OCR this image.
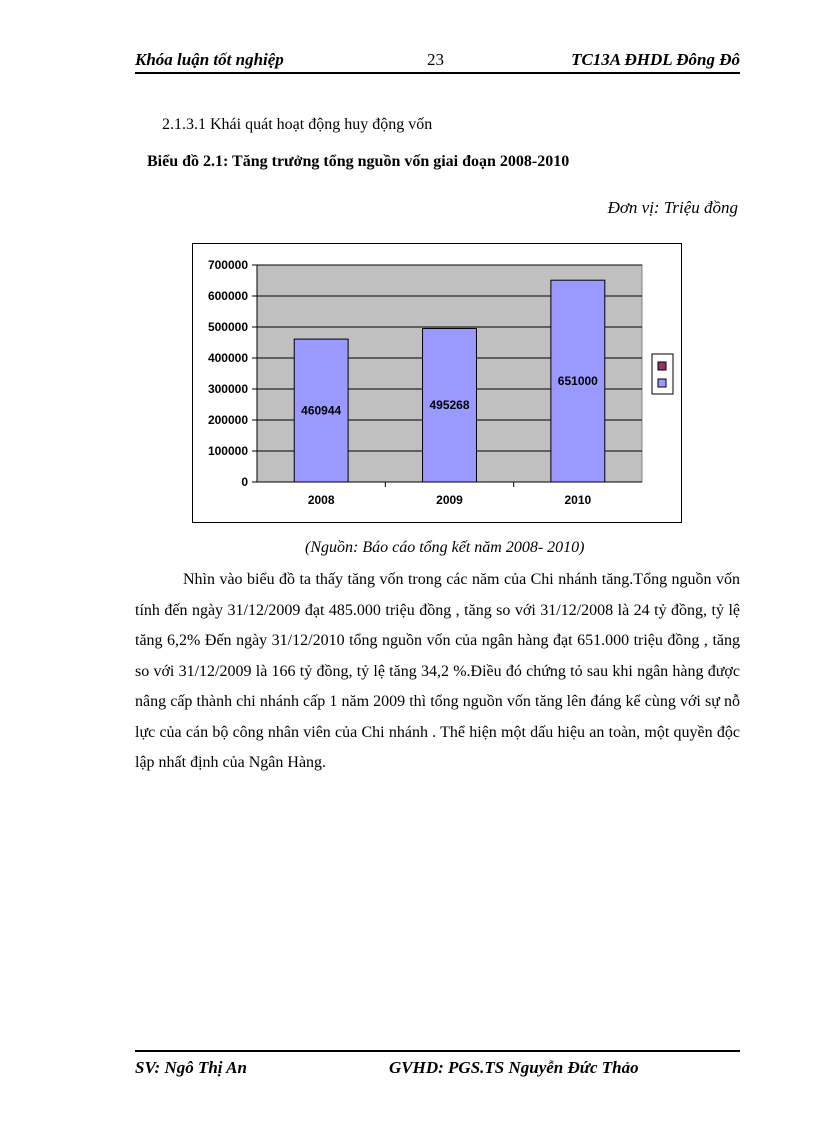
Khóa luận tốt nghiệp	23	TC13A ĐHDL Đông Đô
2.1.3.1 Khái quát hoạt động huy động vốn
Biểu đồ 2.1: Tăng trưởng tổng nguồn vốn giai đoạn 2008-2010
Đơn vị: Triệu đồng
0
100000
200000
300000
400000
500000
600000
700000
460944
2008
495268
2009
651000
2010
(Nguồn: Báo cáo tổng kết năm 2008- 2010)

Nhìn vào biểu đồ ta thấy tăng vốn trong các năm của Chi nhánh tăng.Tổng nguồn vốn tính đến ngày 31/12/2009 đạt 485.000 triệu đồng , tăng so với 31/12/2008 là 24 tỷ đồng, tỷ lệ tăng 6,2% Đến ngày 31/12/2010 tổng nguồn vốn của ngân hàng đạt 651.000 triệu đồng , tăng so với 31/12/2009 là 166 tỷ đồng, tỷ lệ tăng 34,2 %.Điều đó chứng tỏ sau khi ngân hàng được nâng cấp thành chi nhánh cấp 1 năm 2009 thì tổng nguồn vốn tăng lên đáng kể cùng với sự nỗ lực của cán bộ công nhân viên của Chi nhánh . Thể hiện một dấu hiệu an toàn, một quyền độc lập nhất định của Ngân Hàng.

SV: Ngô Thị An	GVHD: PGS.TS Nguyễn Đức Thảo
